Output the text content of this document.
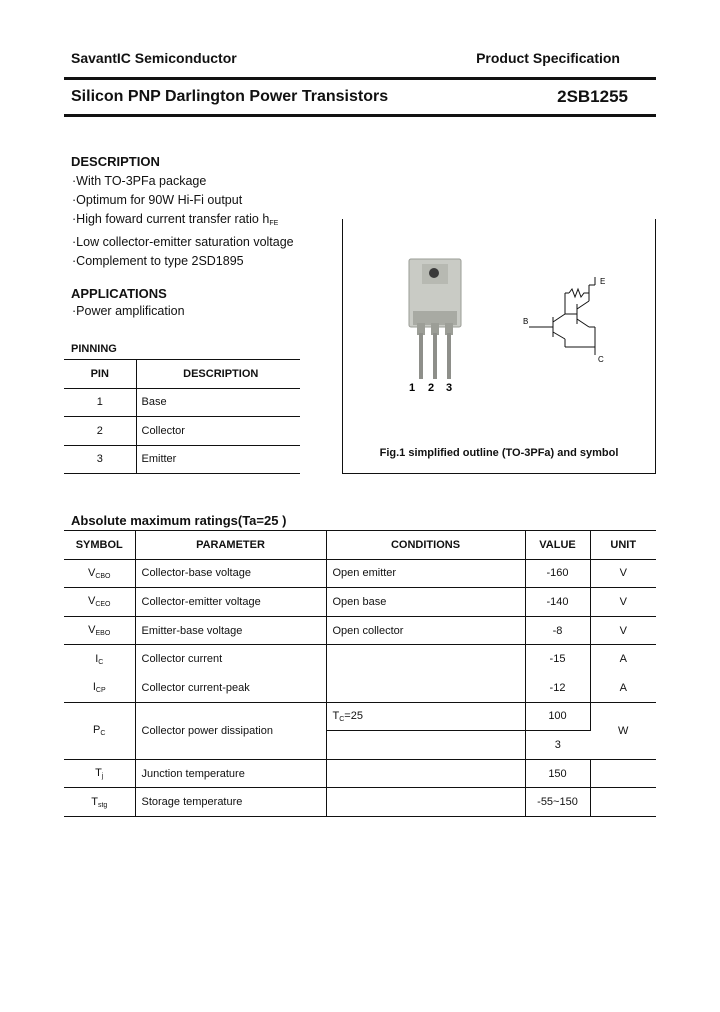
SavantIC Semiconductor	Product Specification
Silicon PNP Darlington Power Transistors	2SB1255
DESCRIPTION
·With TO-3PFa package
·Optimum for 90W Hi-Fi output
·High foward current transfer ratio $h_{FE}$
·Low collector-emitter saturation voltage
·Complement to type 2SD1895
APPLICATIONS
·Power amplification
PINNING
PIN	DESCRIPTION
1	Base
2	Collector
3	Emitter
1 2 3
E
B
C
Fig.1 simplified outline (TO-3PFa) and symbol
Absolute maximum ratings(Ta=25 )
SYMBOL	PARAMETER	CONDITIONS	VALUE	UNIT
$V_{CBO}$	Collector-base voltage	Open emitter	-160	V
$V_{CEO}$	Collector-emitter voltage	Open base	-140	V
$V_{EBO}$	Emitter-base voltage	Open collector	-8	V
$I_C$	Collector current		-15	A
$I_{CP}$	Collector current-peak		-12	A
$P_C$	Collector power dissipation	$T_C=25$	100	W
			3	
$T_j$	Junction temperature		150	
$T_{stg}$	Storage temperature		-55~150	
